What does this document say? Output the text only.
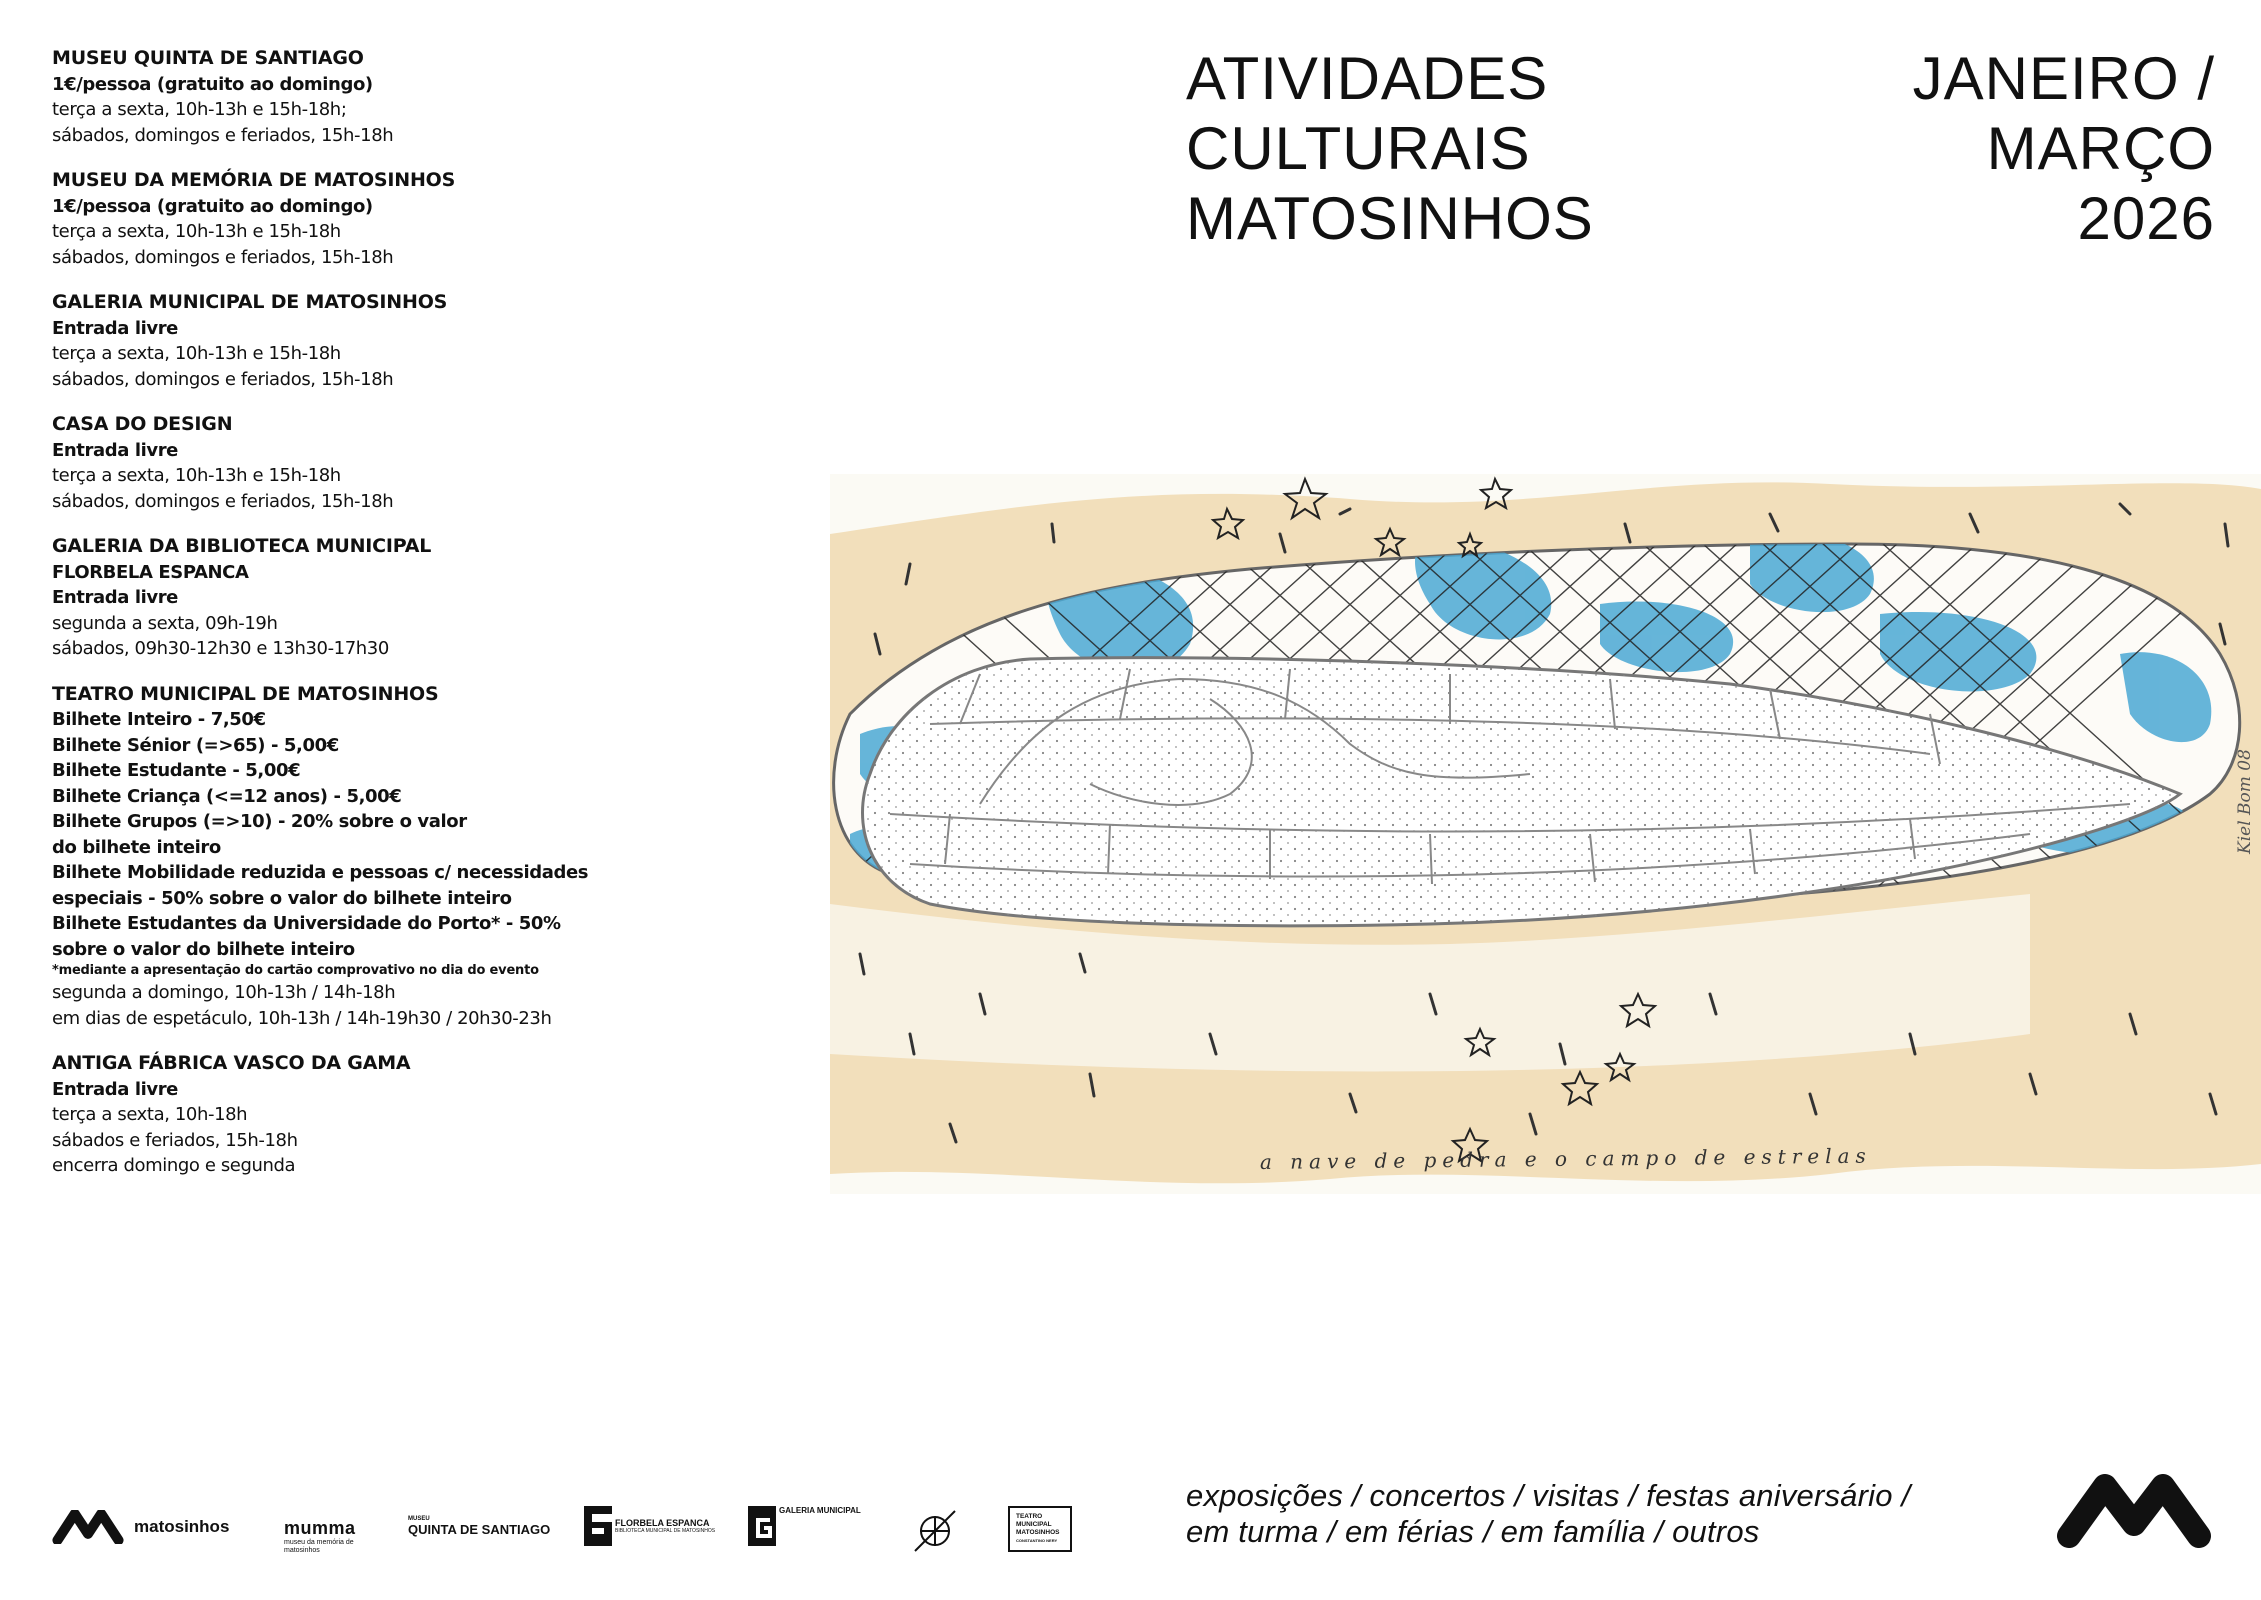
MUSEU QUINTA DE SANTIAGO
1€/pessoa (gratuito ao domingo)
terça a sexta, 10h-13h e 15h-18h;
sábados, domingos e feriados, 15h-18h
MUSEU DA MEMÓRIA DE MATOSINHOS
1€/pessoa (gratuito ao domingo)
terça a sexta, 10h-13h e 15h-18h
sábados, domingos e feriados, 15h-18h
GALERIA MUNICIPAL DE MATOSINHOS
Entrada livre
terça a sexta, 10h-13h e 15h-18h
sábados, domingos e feriados, 15h-18h
CASA DO DESIGN
Entrada livre
terça a sexta, 10h-13h e 15h-18h
sábados, domingos e feriados, 15h-18h
GALERIA DA BIBLIOTECA MUNICIPAL
FLORBELA ESPANCA
Entrada livre
segunda a sexta, 09h-19h
sábados, 09h30-12h30 e 13h30-17h30
TEATRO MUNICIPAL DE MATOSINHOS
Bilhete Inteiro - 7,50€
Bilhete Sénior (=>65) - 5,00€
Bilhete Estudante - 5,00€
Bilhete Criança (<=12 anos) - 5,00€
Bilhete Grupos (=>10) - 20% sobre o valor
do bilhete inteiro
Bilhete Mobilidade reduzida e pessoas c/ necessidades
especiais - 50% sobre o valor do bilhete inteiro
Bilhete Estudantes da Universidade do Porto* - 50%
sobre o valor do bilhete inteiro
*mediante a apresentação do cartão comprovativo no dia do evento
segunda a domingo, 10h-13h / 14h-18h
em dias de espetáculo, 10h-13h / 14h-19h30 / 20h30-23h
ANTIGA FÁBRICA VASCO DA GAMA
Entrada livre
terça a sexta, 10h-18h
sábados e feriados, 15h-18h
encerra domingo e segunda
ATIVIDADES
CULTURAIS
MATOSINHOS
JANEIRO /
MARÇO
2026
a nave de pedra e o campo de estrelas
Kiel Bom 08
exposições / concertos / visitas / festas aniversário /
em turma / em férias / em família / outros
matosinhos	mumma
museu da memória de matosinhos
MUSEU
QUINTA DE SANTIAGO	FLORBELA ESPANCA
BIBLIOTECA MUNICIPAL DE MATOSINHOS
GALERIA MUNICIPAL
TEATRO
MUNICIPAL
MATOSINHOS
CONSTANTINO NERY
